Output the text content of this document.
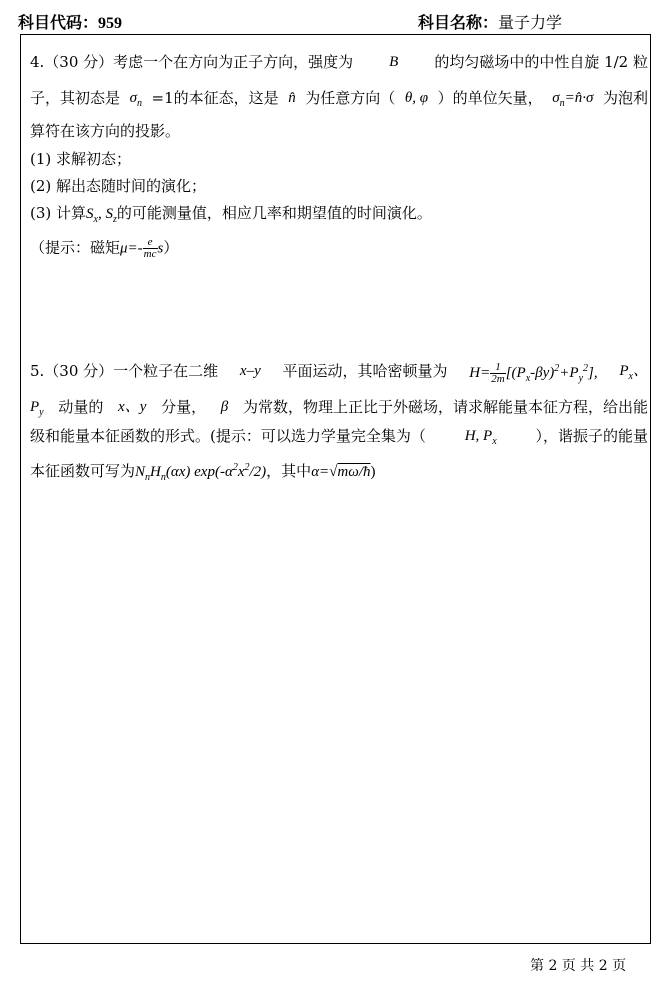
科目代码：959	科目名称：量子力学
4.（30 分）考虑一个在方向为正子方向，强度为 B 的均匀磁场中的中性自旋 1/2 粒
子，其初态是 $\sigma_n =1$的本征态，这是 n̂ 为任意方向（ θ, φ ）的单位矢量， $\sigma_n=n̂\cdot\sigma$ 为泡利
算符在该方向的投影。
(1) 求解初态；
(2) 解出态随时间的演化；
(3) 计算$S_x$, $S_z$的可能测量值，相应几率和期望值的时间演化。
（提示：磁矩$\mu=- \frac{e}{mc} s$）
5.（30 分）一个粒子在二维 x–y 平面运动，其哈密顿量为 $H= \frac{1}{2m} [(P_x-\beta y)^2+P_y^2]$, $P_x$、
$P_y$ 动量的 x、y 分量， β 为常数，物理上正比于外磁场，请求解能量本征方程，给出能
级和能量本征函数的形式。(提示：可以选力学量完全集为（	H, $P_x$	），谐振子的能量
本征函数可写为$N_nH_n(\alpha x)$ $\exp(-\alpha^2x^2/2)$，其中α=√mω/ħ)
第 2 页 共 2 页
